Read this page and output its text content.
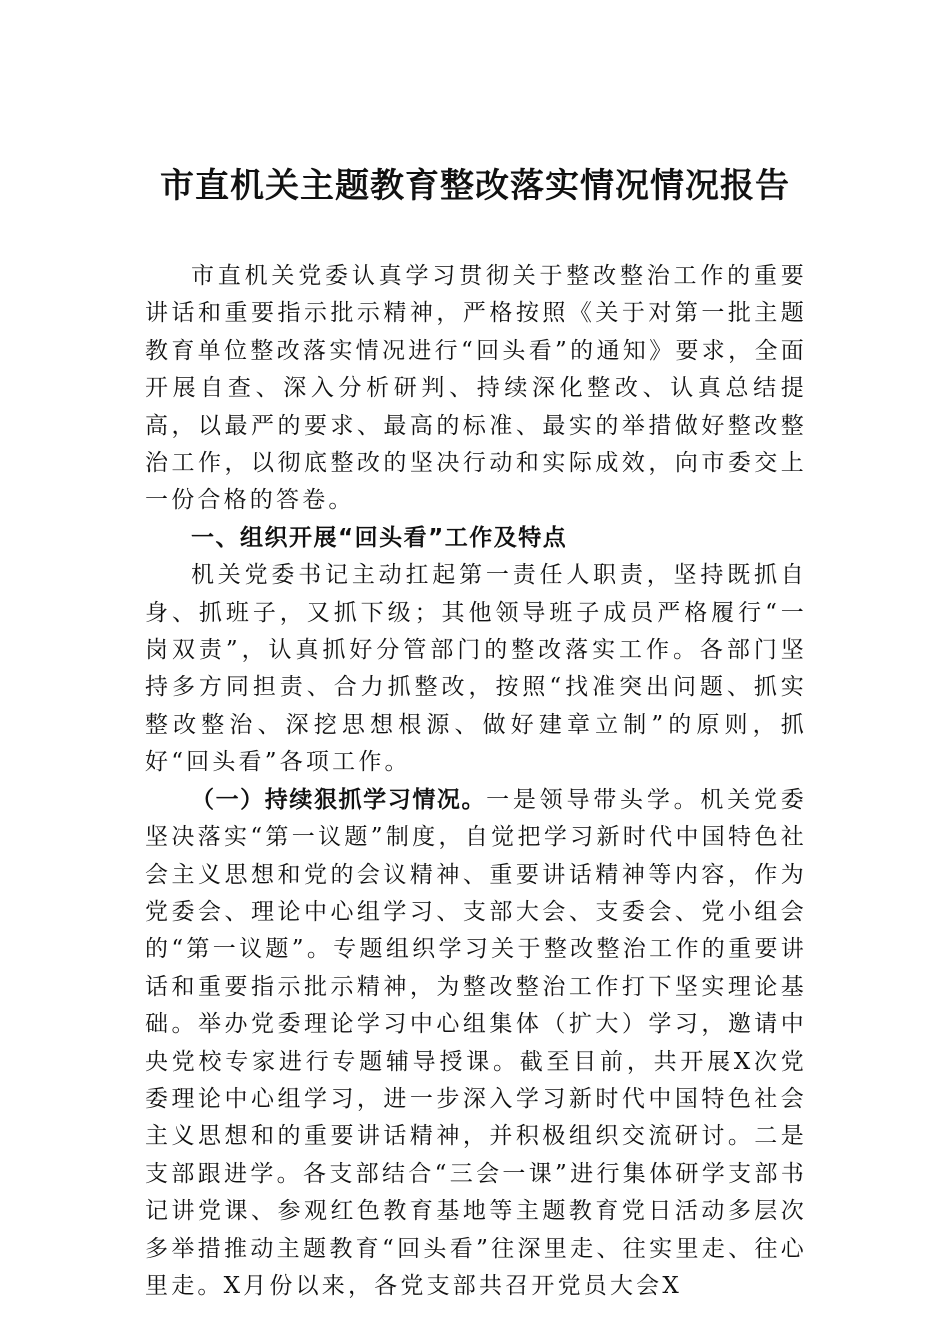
市直机关主题教育整改落实情况情况报告

市直机关党委认真学习贯彻关于整改整治工作的重要讲话和重要指示批示精神，严格按照《关于对第一批主题教育单位整改落实情况进行“回头看”的通知》要求，全面开展自查、深入分析研判、持续深化整改、认真总结提高，以最严的要求、最高的标准、最实的举措做好整改整治工作，以彻底整改的坚决行动和实际成效，向市委交上一份合格的答卷。

一、组织开展“回头看”工作及特点

机关党委书记主动扛起第一责任人职责，坚持既抓自身、抓班子，又抓下级；其他领导班子成员严格履行“一岗双责”，认真抓好分管部门的整改落实工作。各部门坚持多方同担责、合力抓整改，按照“找准突出问题、抓实整改整治、深挖思想根源、做好建章立制”的原则，抓好“回头看”各项工作。

（一）持续狠抓学习情况。一是领导带头学。机关党委坚决落实“第一议题”制度，自觉把学习新时代中国特色社会主义思想和党的会议精神、重要讲话精神等内容，作为党委会、理论中心组学习、支部大会、支委会、党小组会的“第一议题”。专题组织学习关于整改整治工作的重要讲话和重要指示批示精神，为整改整治工作打下坚实理论基础。举办党委理论学习中心组集体（扩大）学习，邀请中央党校专家进行专题辅导授课。截至目前，共开展X次党委理论中心组学习，进一步深入学习新时代中国特色社会主义思想和的重要讲话精神，并积极组织交流研讨。二是支部跟进学。各支部结合“三会一课”进行集体研学支部书记讲党课、参观红色教育基地等主题教育党日活动多层次多举措推动主题教育“回头看”往深里走、往实里走、往心里走。X月份以来，各党支部共召开党员大会X
